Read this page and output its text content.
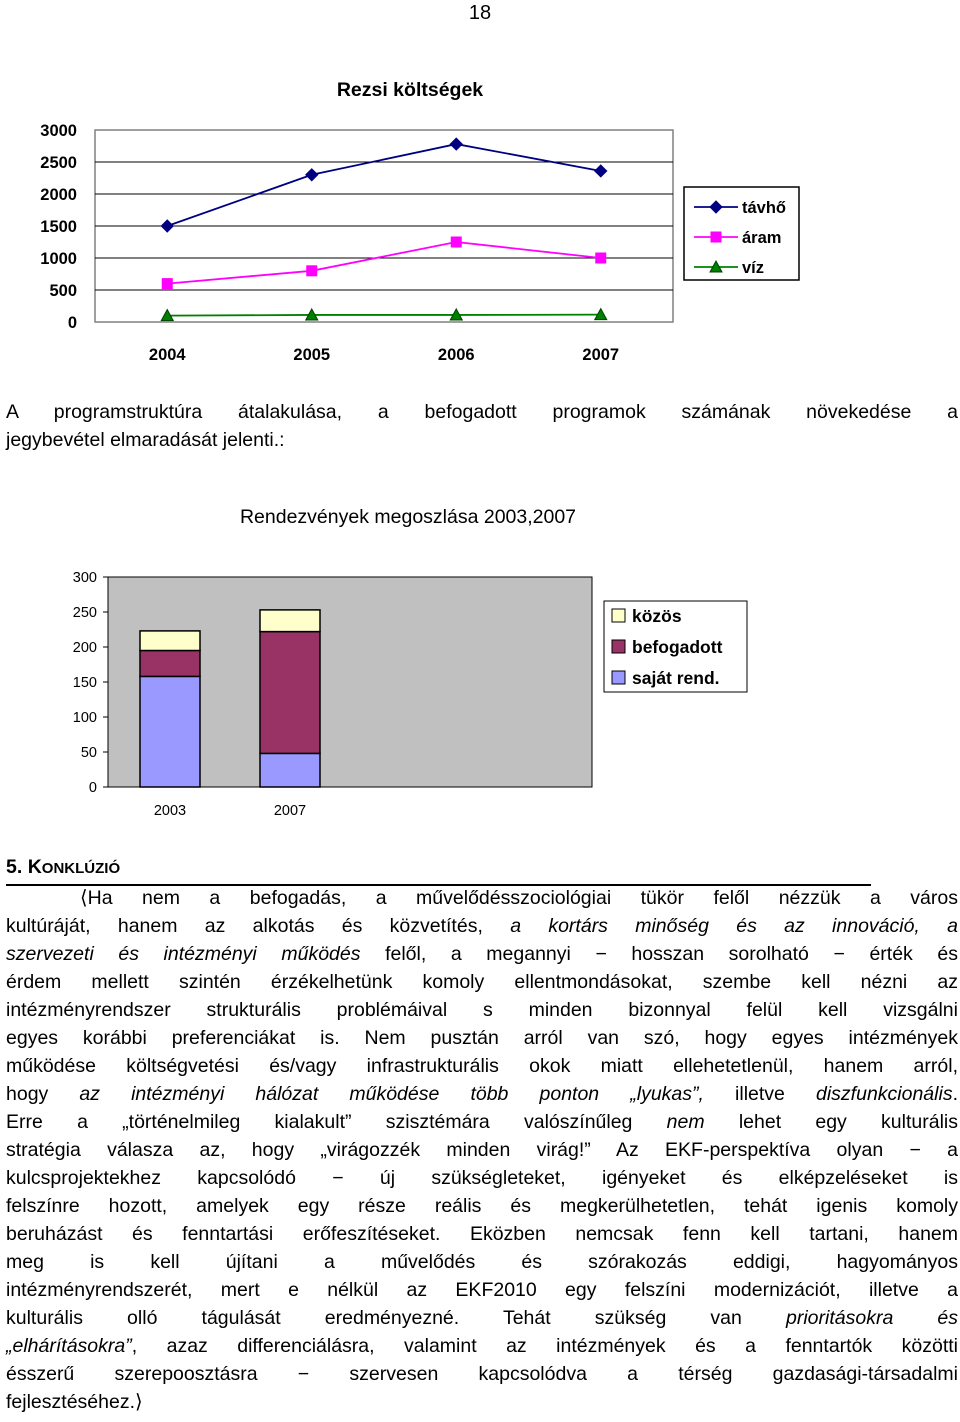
18
Rezsi költségek
0
500
1000
1500
2000
2500
3000
2004	2005	2006	2007
távhő
áram
víz
A programstruktúra átalakulása, a befogadott programok számának növekedése a
jegybevétel elmaradását jelenti.:
Rendezvények megoszlása 2003,2007
0
50
100
150
200
250
300
2003	2007
közös
befogadott
saját rend.
5. KONKLÚZIÓ
⟨Ha nem a befogadás, a művelődésszociológiai tükör felől nézzük a város
kultúráját, hanem az alkotás és közvetítés, a kortárs minőség és az innováció, a
szervezeti és intézményi működés felől, a megannyi − hosszan sorolható − érték és
érdem mellett szintén érzékelhetünk komoly ellentmondásokat, szembe kell nézni az
intézményrendszer strukturális problémáival s minden bizonnyal felül kell vizsgálni
egyes korábbi preferenciákat is. Nem pusztán arról van szó, hogy egyes intézmények
működése költségvetési és/vagy infrastrukturális okok miatt ellehetetlenül, hanem arról,
hogy az intézményi hálózat működése több ponton „lyukas”, illetve diszfunkcionális.
Erre a „történelmileg kialakult” szisztémára valószínűleg nem lehet egy kulturális
stratégia válasza az, hogy „virágozzék minden virág!” Az EKF-perspektíva olyan − a
kulcsprojektekhez kapcsolódó − új szükségleteket, igényeket és elképzeléseket is
felszínre hozott, amelyek egy része reális és megkerülhetetlen, tehát igenis komoly
beruházást és fenntartási erőfeszítéseket. Eközben nemcsak fenn kell tartani, hanem
meg is kell újítani a művelődés és szórakozás eddigi, hagyományos
intézményrendszerét, mert e nélkül az EKF2010 egy felszíni modernizációt, illetve a
kulturális olló tágulását eredményezné. Tehát szükség van prioritásokra és
„elhárításokra”, azaz differenciálásra, valamint az intézmények és a fenntartók közötti
ésszerű szerepoosztásra − szervesen kapcsolódva a térség gazdasági-társadalmi
fejlesztéséhez.⟩
